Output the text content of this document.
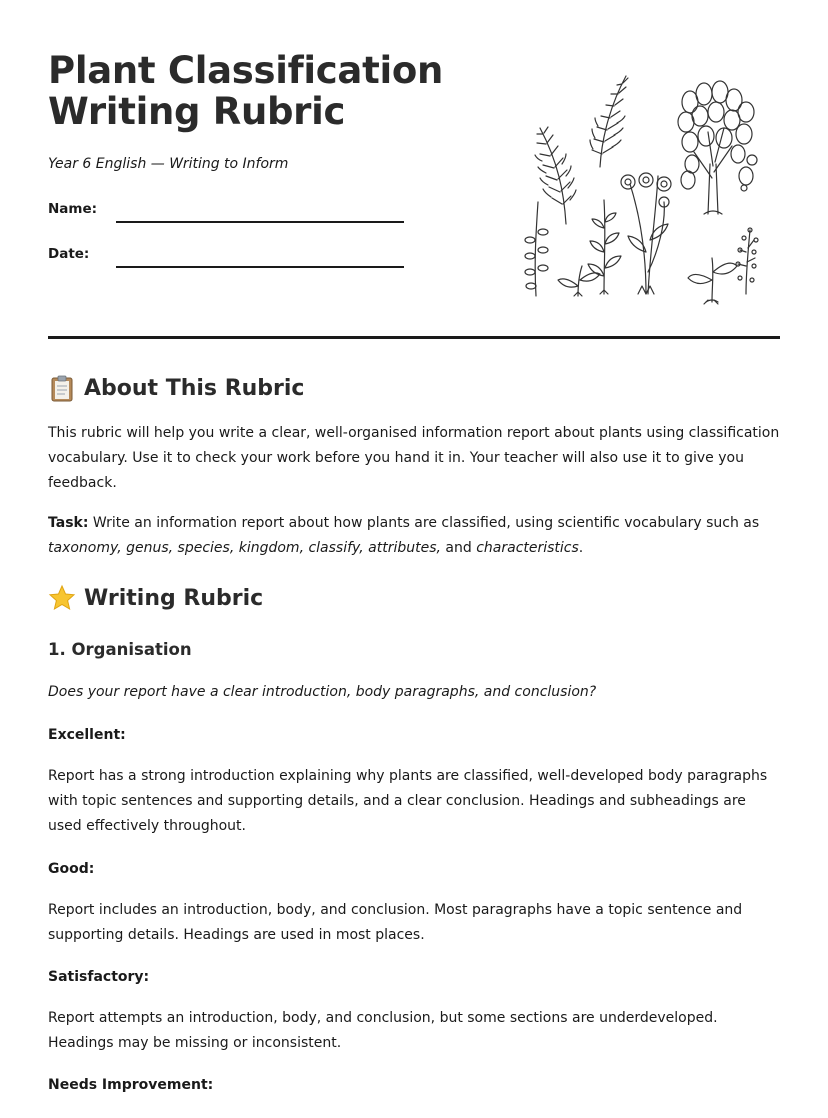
Plant Classification
Writing Rubric

Year 6 English — Writing to Inform

Name:
Date:
About This Rubric

This rubric will help you write a clear, well-organised information report about plants using classification vocabulary. Use it to check your work before you hand it in. Your teacher will also use it to give you feedback.

Task: Write an information report about how plants are classified, using scientific vocabulary such as taxonomy, genus, species, kingdom, classify, attributes, and characteristics.

Writing Rubric
1. Organisation

Does your report have a clear introduction, body paragraphs, and conclusion?

Excellent:

Report has a strong introduction explaining why plants are classified, well-developed body paragraphs with topic sentences and supporting details, and a clear conclusion. Headings and subheadings are used effectively throughout.

Good:

Report includes an introduction, body, and conclusion. Most paragraphs have a topic sentence and supporting details. Headings are used in most places.

Satisfactory:

Report attempts an introduction, body, and conclusion, but some sections are underdeveloped. Headings may be missing or inconsistent.

Needs Improvement:
